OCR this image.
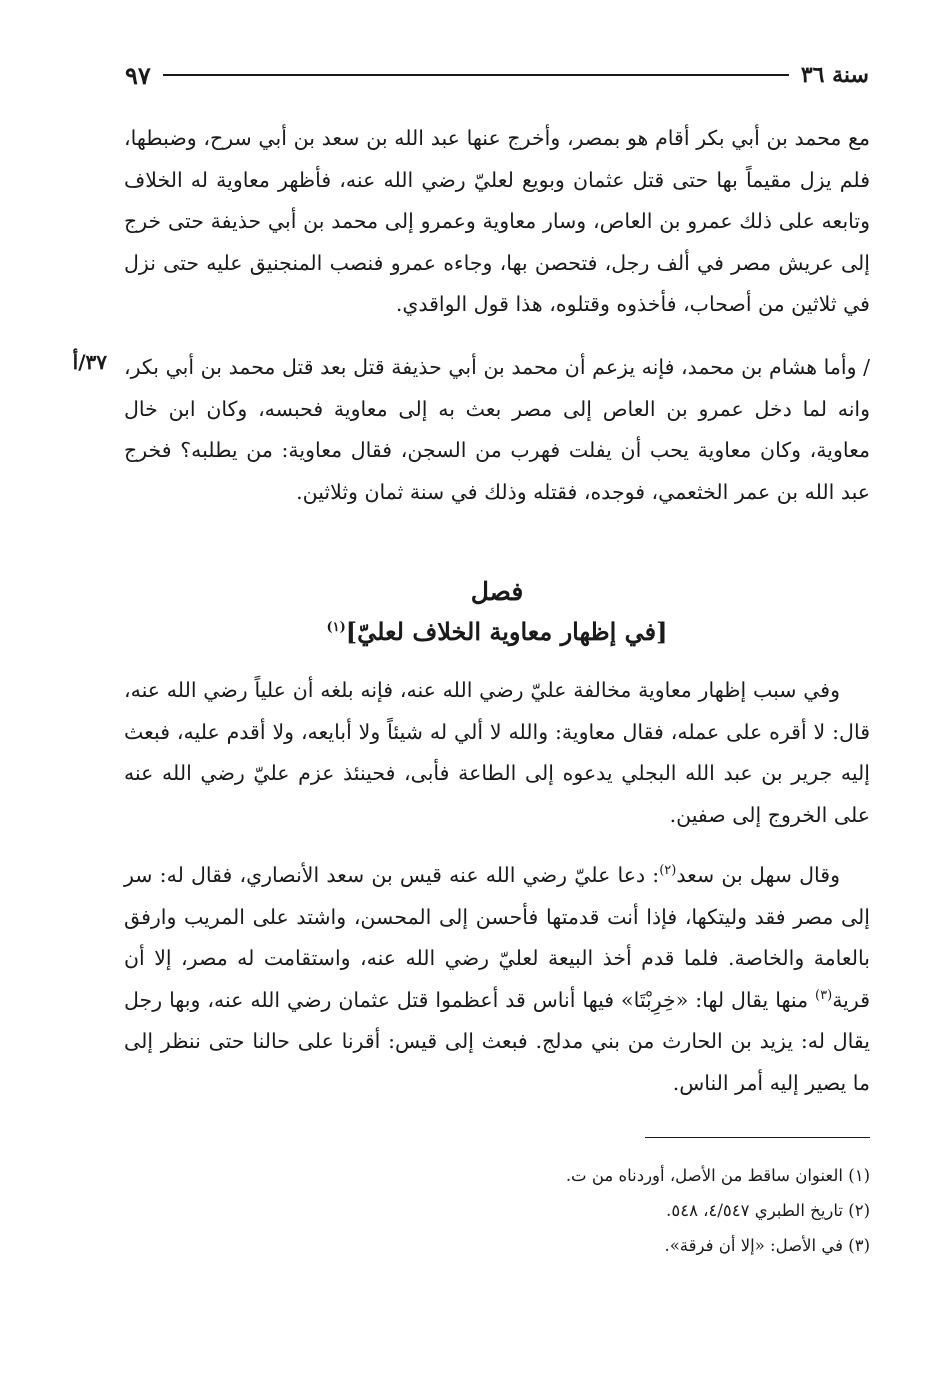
سنة ٣٦
٩٧

مع محمد بن أبي بكر أقام هو بمصر، وأخرج عنها عبد الله بن سعد بن أبي سرح، وضبطها، فلم يزل مقيماً بها حتى قتل عثمان وبويع لعليّ رضي الله عنه، فأظهر معاوية له الخلاف وتابعه على ذلك عمرو بن العاص، وسار معاوية وعمرو إلى محمد بن أبي حذيفة حتى خرج إلى عريش مصر في ألف رجل، فتحصن بها، وجاءه عمرو فنصب المنجنيق عليه حتى نزل في ثلاثين من أصحاب، فأخذوه وقتلوه، هذا قول الواقدي.

٣٧/أ / وأما هشام بن محمد، فإنه يزعم أن محمد بن أبي حذيفة قتل بعد قتل محمد بن أبي بكر، وانه لما دخل عمرو بن العاص إلى مصر بعث به إلى معاوية فحبسه، وكان ابن خال معاوية، وكان معاوية يحب أن يفلت فهرب من السجن، فقال معاوية: من يطلبه؟ فخرج عبد الله بن عمر الخثعمي، فوجده، فقتله وذلك في سنة ثمان وثلاثين.

فصل
[في إظهار معاوية الخلاف لعليّ]$^{(١)}$

وفي سبب إظهار معاوية مخالفة عليّ رضي الله عنه، فإنه بلغه أن علياً رضي الله عنه، قال: لا أقره على عمله، فقال معاوية: والله لا ألي له شيئاً ولا أبايعه، ولا أقدم عليه، فبعث إليه جرير بن عبد الله البجلي يدعوه إلى الطاعة فأبى، فحينئذ عزم عليّ رضي الله عنه على الخروج إلى صفين.

وقال سهل بن سعد$^{(٢)}$: دعا عليّ رضي الله عنه قيس بن سعد الأنصاري، فقال له: سر إلى مصر فقد وليتكها، فإذا أنت قدمتها فأحسن إلى المحسن، واشتد على المريب وارفق بالعامة والخاصة. فلما قدم أخذ البيعة لعليّ رضي الله عنه، واستقامت له مصر، إلا أن قرية$^{(٣)}$ منها يقال لها: «خِرِبْتَا» فيها أناس قد أعظموا قتل عثمان رضي الله عنه، وبها رجل يقال له: يزيد بن الحارث من بني مدلج. فبعث إلى قيس: أقرنا على حالنا حتى ننظر إلى ما يصير إليه أمر الناس.

(١) العنوان ساقط من الأصل، أوردناه من ت.
(٢) تاريخ الطبري ٤/٥٤٧، ٥٤٨.
(٣) في الأصل: «إلا أن فرقة».
